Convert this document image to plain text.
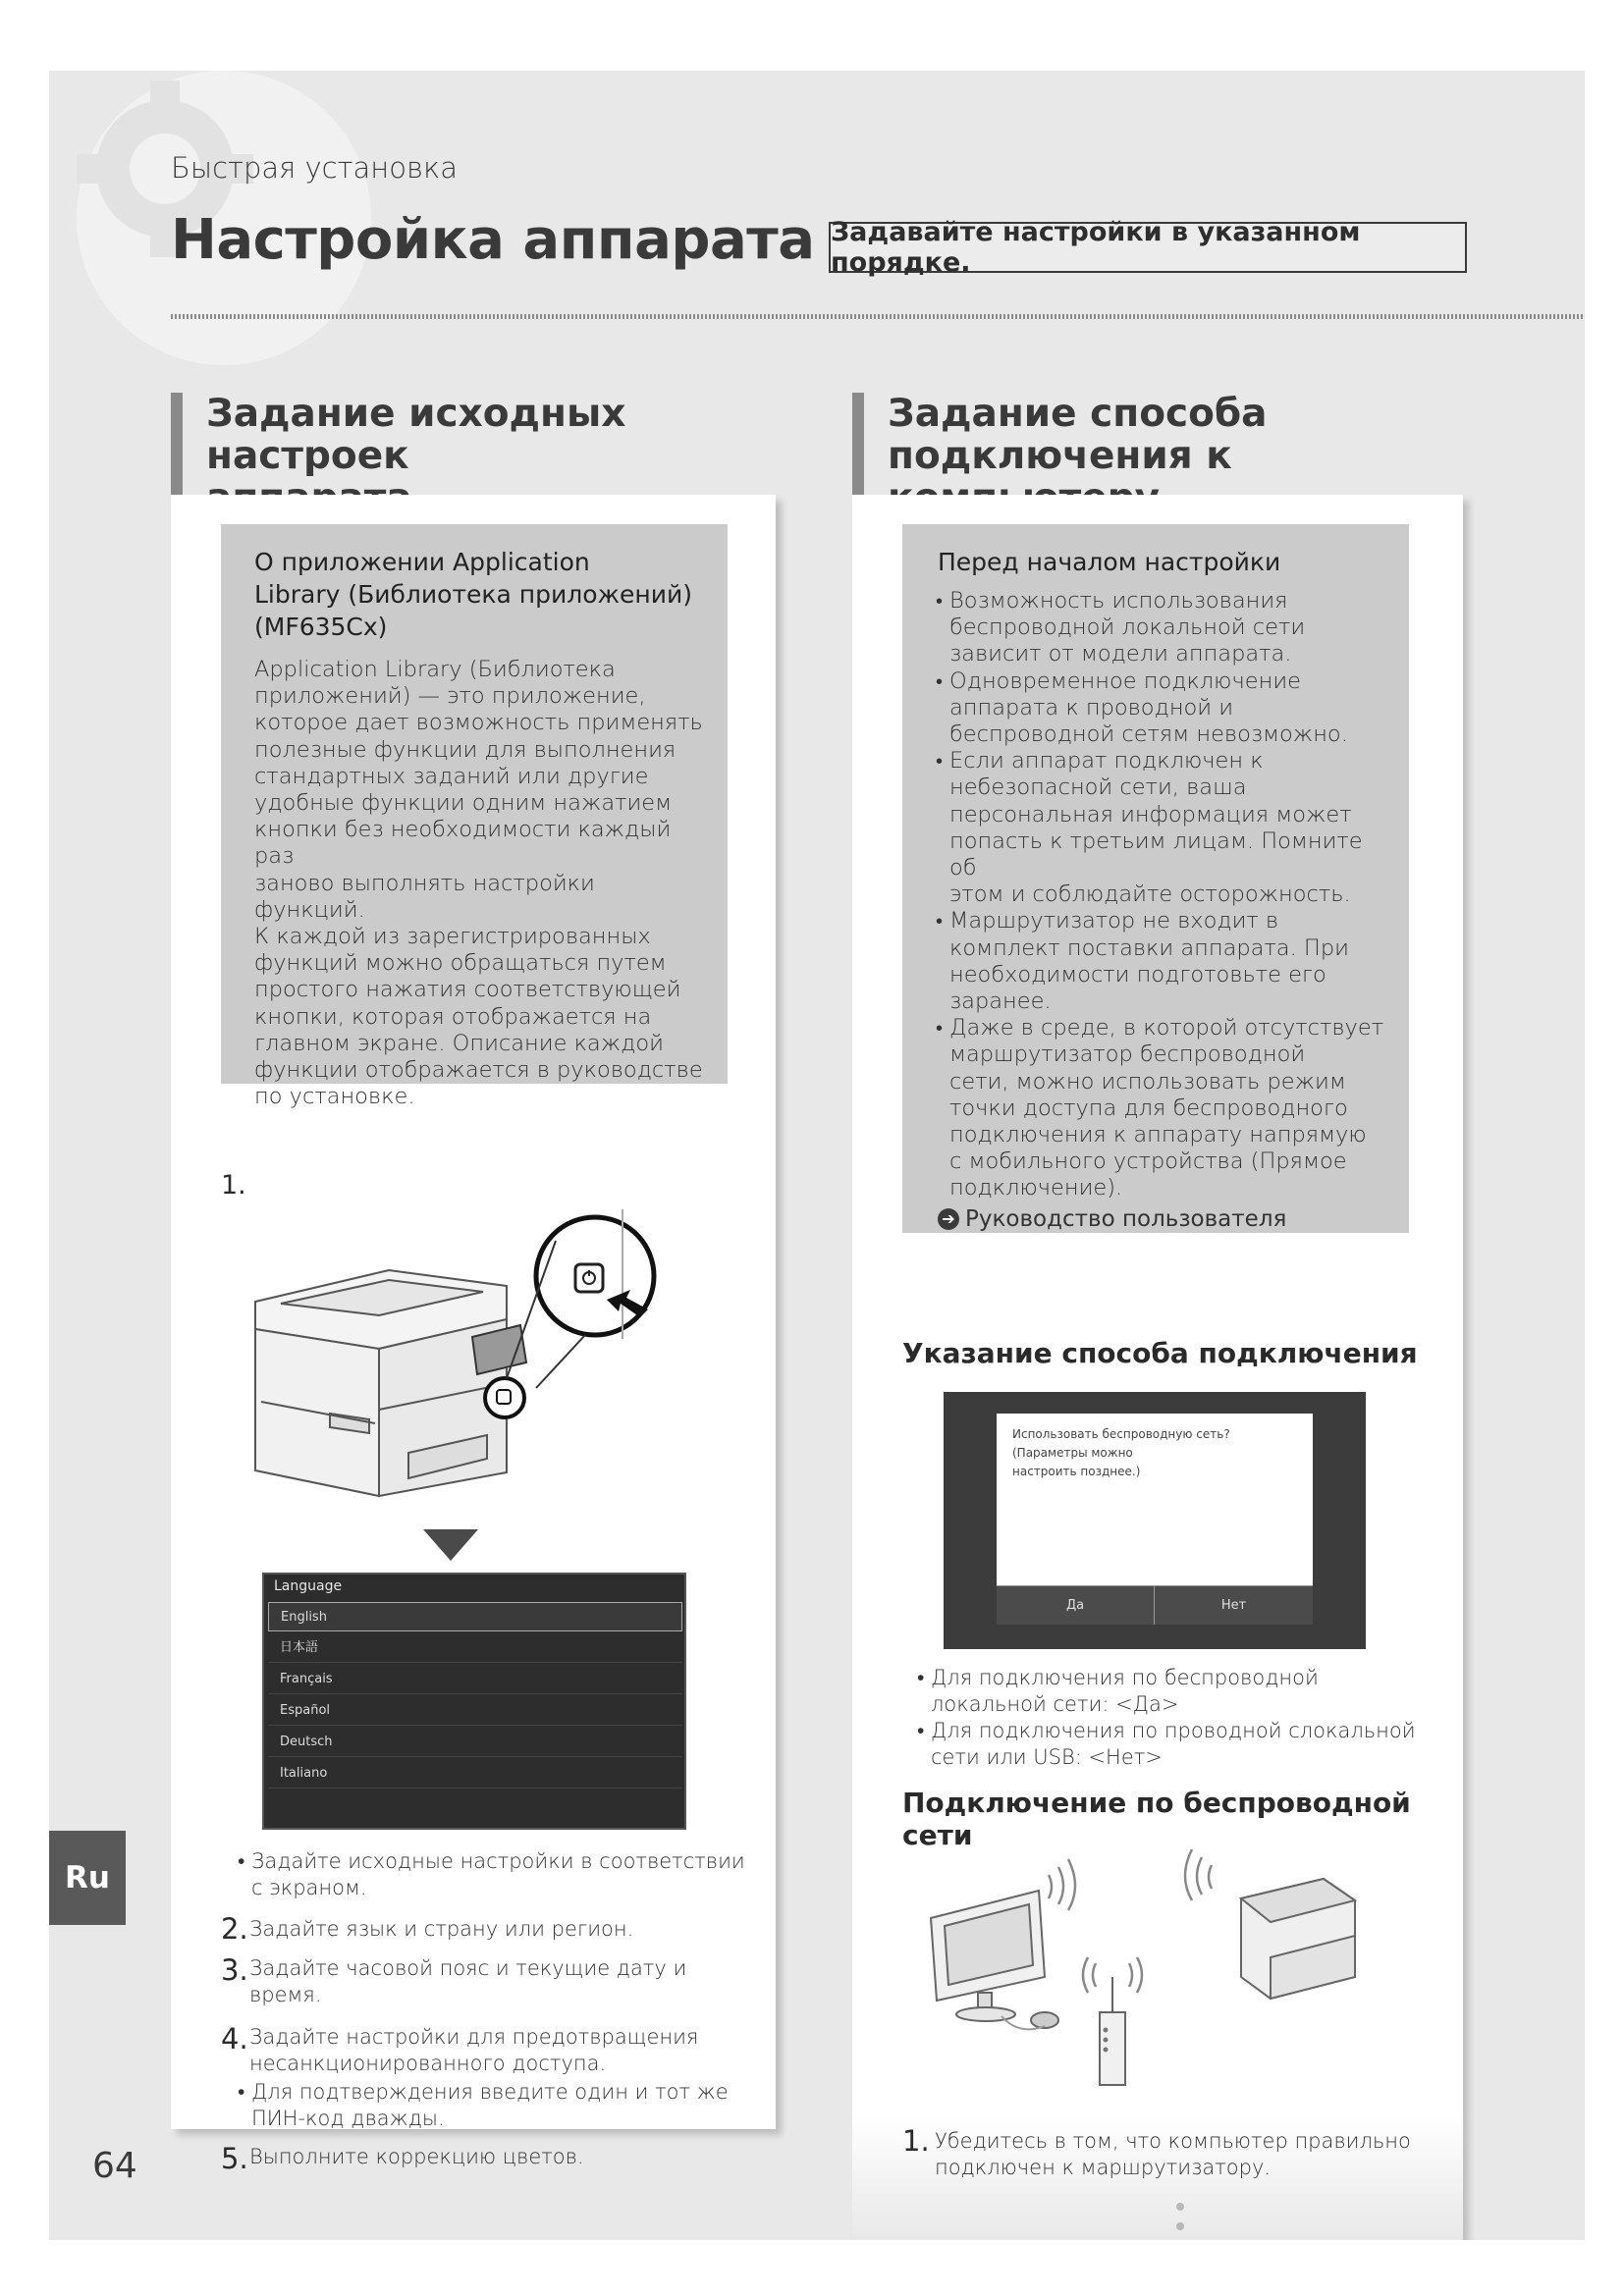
Быстрая установка
Настройка аппарата Задавайте настройки в указанном порядке.
Задание исходных настроек

Задание способа
подключения к
О приложении Application
Library (Библиотека приложений)
(MF635Cx)
Application Library (Библиотека
приложений) — это приложение,
которое дает возможность применять
полезные функции для выполнения
стандартных заданий или другие
удобные функции одним нажатием
кнопки без необходимости каждый раз
заново выполнять настройки функций.
К каждой из зарегистрированных
функций можно обращаться путем
простого нажатия соответствующей
кнопки, которая отображается на
главном экране. Описание каждой
функции отображается в руководстве
по установке.
1.
Language
English
日本語
Français
Español
Deutsch
Italiano
• Задайте исходные настройки в соответствии
с экраном.
2. Задайте язык и страну или регион.
3. Задайте часовой пояс и текущие дату и
время.
4. Задайте настройки для предотвращения
несанкционированного доступа.
• Для подтверждения введите один и тот же
ПИН-код дважды.
5. Выполните коррекцию цветов.
Перед началом настройки
• Возможность использования
беспроводной локальной сети
зависит от модели аппарата.
• Одновременное подключение
аппарата к проводной и
беспроводной сетям невозможно.
• Если аппарат подключен к
небезопасной сети, ваша
персональная информация может
попасть к третьим лицам. Помните об
этом и соблюдайте осторожность.
• Маршрутизатор не входит в
комплект поставки аппарата. При
необходимости подготовьте его
заранее.
• Даже в среде, в которой отсутствует
маршрутизатор беспроводной
сети, можно использовать режим
точки доступа для беспроводного
подключения к аппарату напрямую
с мобильного устройства (Прямое
подключение).
➔ Руководство пользователя
Указание способа подключения
Использовать беспроводную сеть? (Параметры можно
настроить позднее.)
Да	Нет
• Для подключения по беспроводной
локальной сети: <Да>
• Для подключения по проводной слокальной
сети или USB: <Нет>
Подключение по беспроводной сети
1. Убедитесь в том, что компьютер правильно
подключен к маршрутизатору.
Ru
64
